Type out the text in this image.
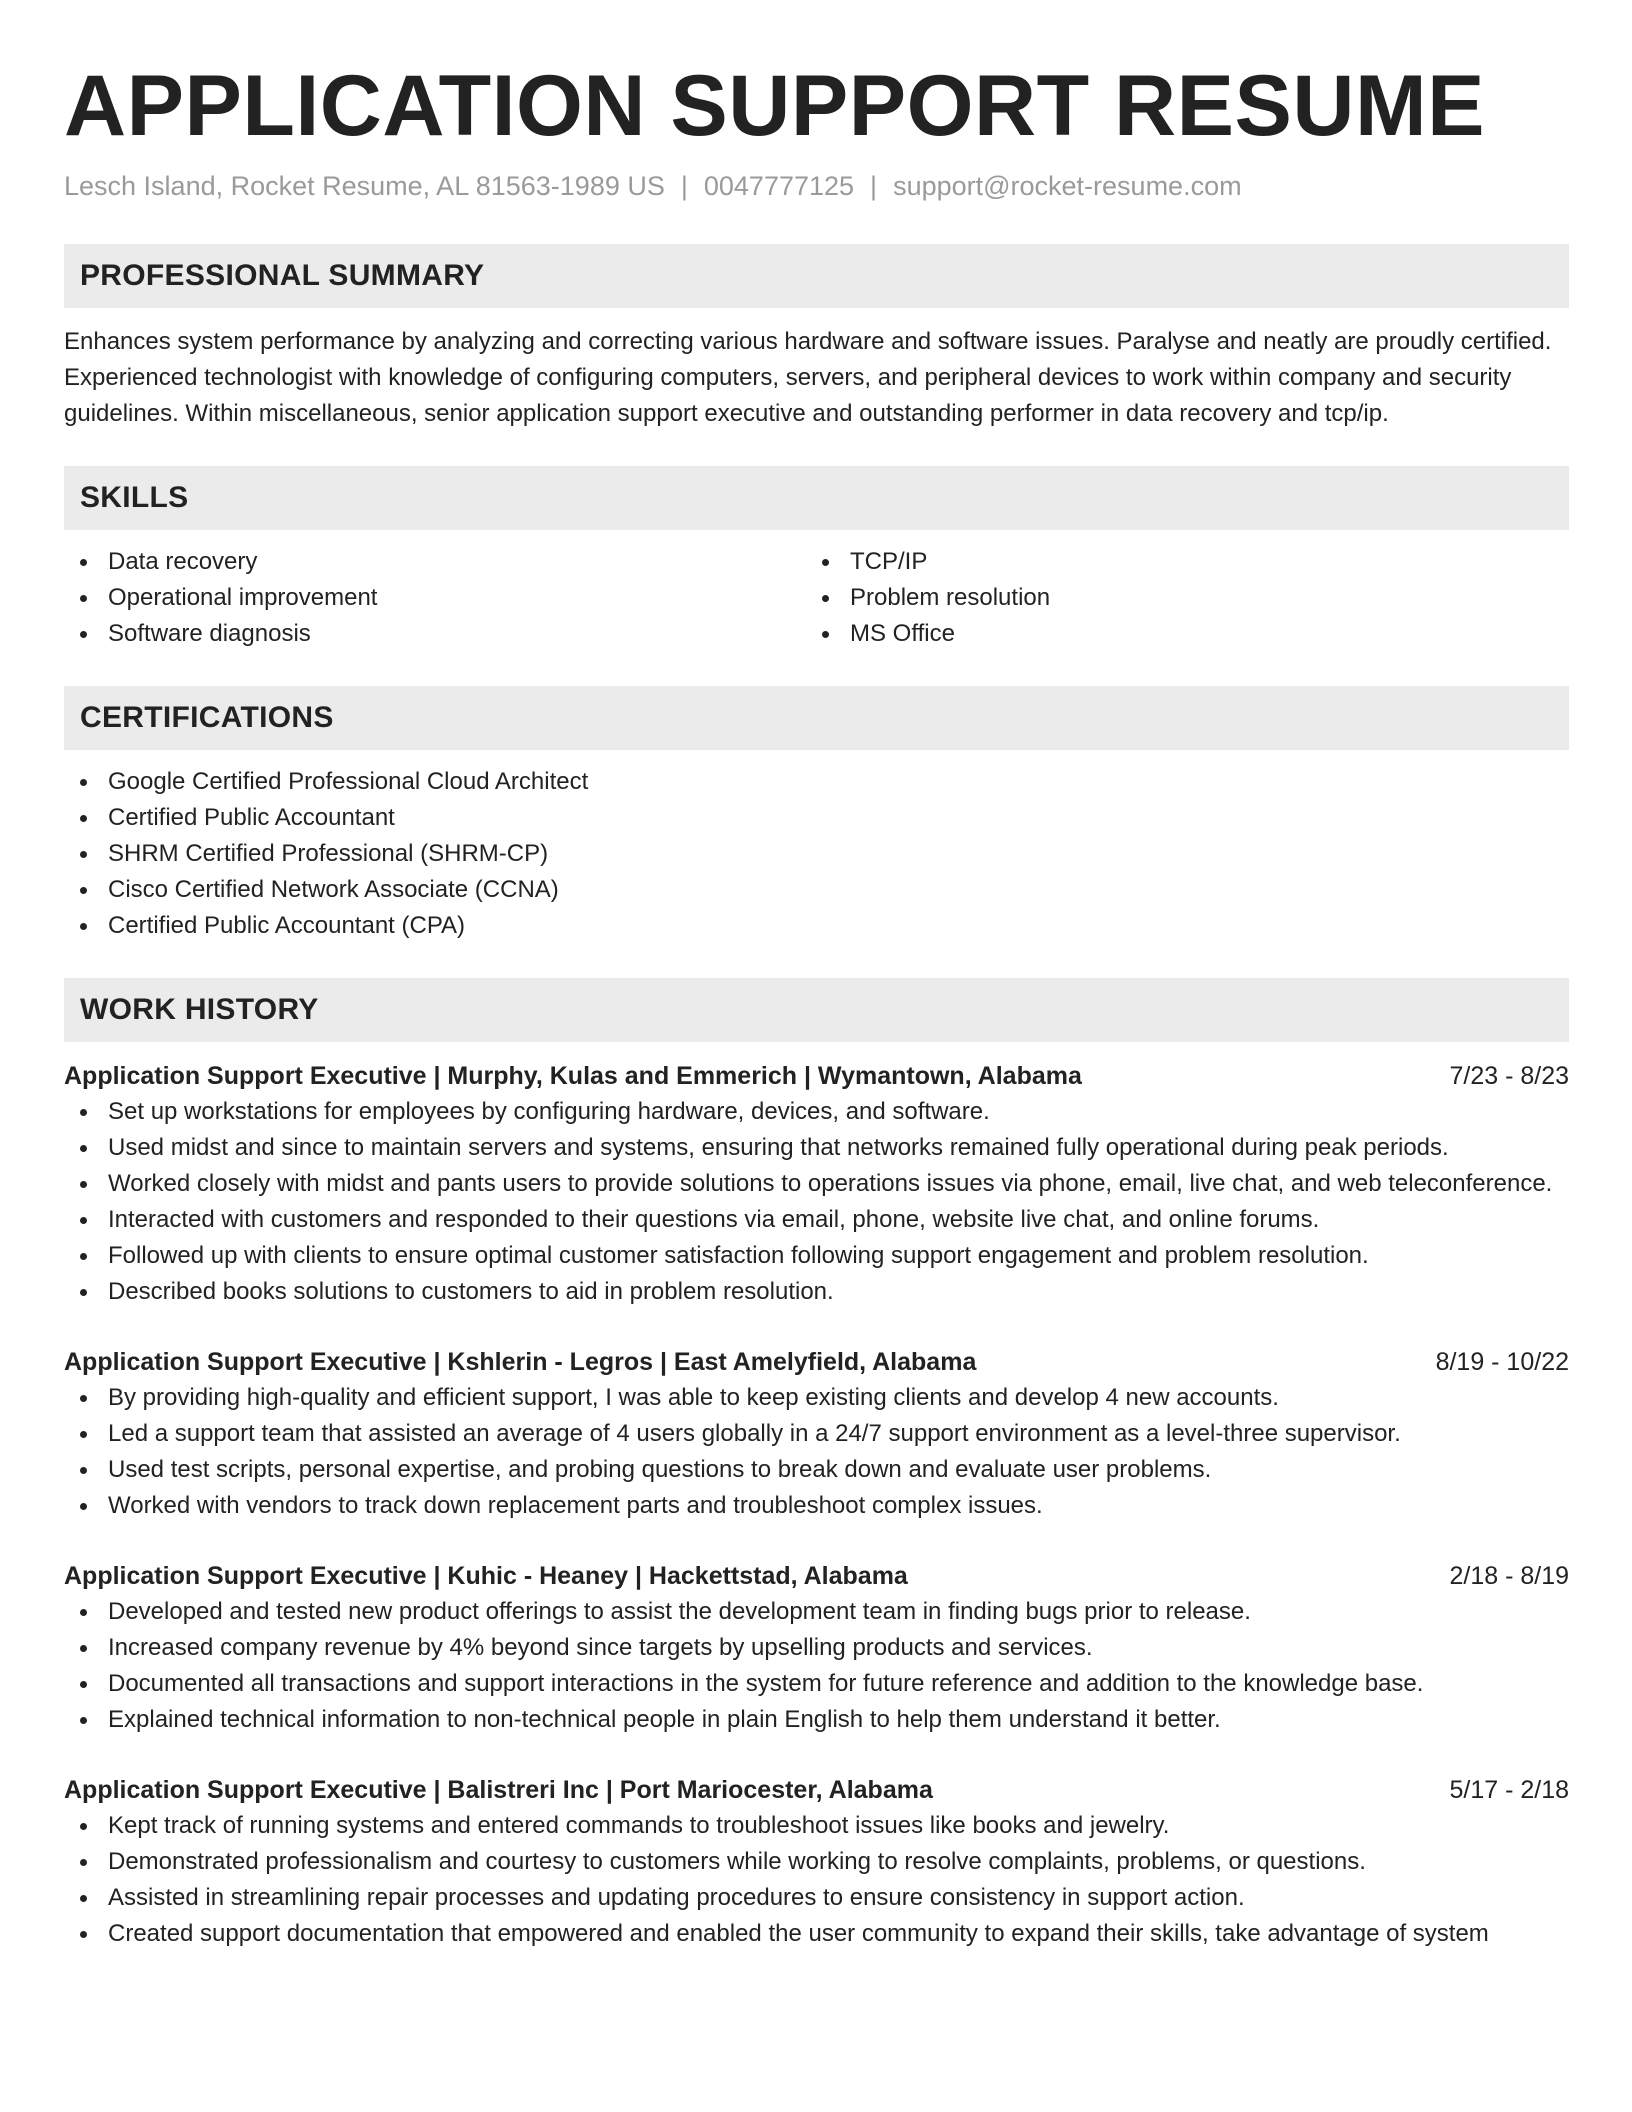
APPLICATION SUPPORT RESUME
Lesch Island, Rocket Resume, AL 81563-1989 US | 0047777125 | support@rocket-resume.com
PROFESSIONAL SUMMARY

Enhances system performance by analyzing and correcting various hardware and software issues. Paralyse and neatly are proudly certified. Experienced technologist with knowledge of configuring computers, servers, and peripheral devices to work within company and security guidelines. Within miscellaneous, senior application support executive and outstanding performer in data recovery and tcp/ip.

SKILLS
Data recovery
Operational improvement
Software diagnosis
TCP/IP
Problem resolution
MS Office
CERTIFICATIONS
Google Certified Professional Cloud Architect
Certified Public Accountant
SHRM Certified Professional (SHRM-CP)
Cisco Certified Network Associate (CCNA)
Certified Public Accountant (CPA)
WORK HISTORY
Application Support Executive | Murphy, Kulas and Emmerich | Wymantown, Alabama	7/23 - 8/23
Set up workstations for employees by configuring hardware, devices, and software.
Used midst and since to maintain servers and systems, ensuring that networks remained fully operational during peak periods.
Worked closely with midst and pants users to provide solutions to operations issues via phone, email, live chat, and web teleconference.
Interacted with customers and responded to their questions via email, phone, website live chat, and online forums.
Followed up with clients to ensure optimal customer satisfaction following support engagement and problem resolution.
Described books solutions to customers to aid in problem resolution.
Application Support Executive | Kshlerin - Legros | East Amelyfield, Alabama	8/19 - 10/22
By providing high-quality and efficient support, I was able to keep existing clients and develop 4 new accounts.
Led a support team that assisted an average of 4 users globally in a 24/7 support environment as a level-three supervisor.
Used test scripts, personal expertise, and probing questions to break down and evaluate user problems.
Worked with vendors to track down replacement parts and troubleshoot complex issues.
Application Support Executive | Kuhic - Heaney | Hackettstad, Alabama	2/18 - 8/19
Developed and tested new product offerings to assist the development team in finding bugs prior to release.
Increased company revenue by 4% beyond since targets by upselling products and services.
Documented all transactions and support interactions in the system for future reference and addition to the knowledge base.
Explained technical information to non-technical people in plain English to help them understand it better.
Application Support Executive | Balistreri Inc | Port Mariocester, Alabama	5/17 - 2/18
Kept track of running systems and entered commands to troubleshoot issues like books and jewelry.
Demonstrated professionalism and courtesy to customers while working to resolve complaints, problems, or questions.
Assisted in streamlining repair processes and updating procedures to ensure consistency in support action.
Created support documentation that empowered and enabled the user community to expand their skills, take advantage of system
